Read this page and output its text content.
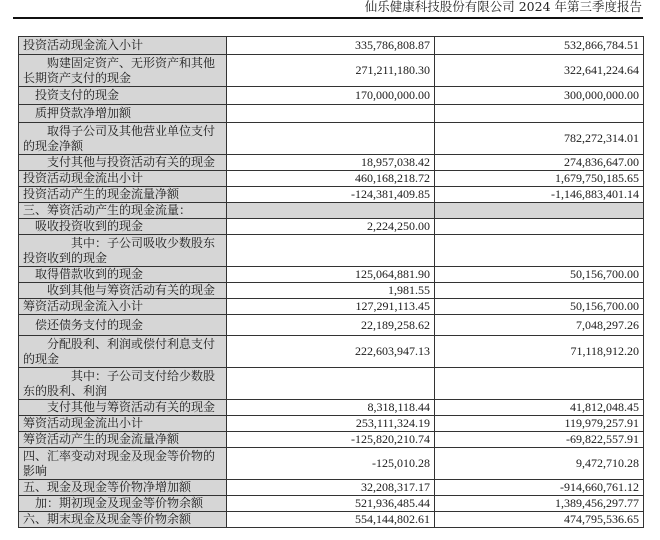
仙乐健康科技股份有限公司 2024 年第三季度报告
投资活动现金流入小计	335,786,808.87	532,866,784.51

购建固定资产、无形资产和其他长期资产支付的现金	271,211,180.30	322,641,224.64
投资支付的现金	170,000,000.00	300,000,000.00
质押贷款净增加额		

取得子公司及其他营业单位支付的现金净额		782,272,314.01
支付其他与投资活动有关的现金	18,957,038.42	274,836,647.00
投资活动现金流出小计	460,168,218.72	1,679,750,185.65
投资活动产生的现金流量净额	-124,381,409.85	-1,146,883,401.14
三、筹资活动产生的现金流量：		
吸收投资收到的现金	2,224,250.00	

其中：子公司吸收少数股东投资收到的现金		

取得借款收到的现金	125,064,881.90	50,156,700.00
收到其他与筹资活动有关的现金	1,981.55	
筹资活动现金流入小计	127,291,113.45	50,156,700.00
偿还债务支付的现金	22,189,258.62	7,048,297.26

分配股利、利润或偿付利息支付的现金	222,603,947.13	71,118,912.20

其中：子公司支付给少数股东的股利、利润		

支付其他与筹资活动有关的现金	8,318,118.44	41,812,048.45
筹资活动现金流出小计	253,111,324.19	119,979,257.91
筹资活动产生的现金流量净额	-125,820,210.74	-69,822,557.91
四、汇率变动对现金及现金等价物的影响	-125,010.28	9,472,710.28
五、现金及现金等价物净增加额	32,208,317.17	-914,660,761.12
加：期初现金及现金等价物余额	521,936,485.44	1,389,456,297.77
六、期末现金及现金等价物余额	554,144,802.61	474,795,536.65
